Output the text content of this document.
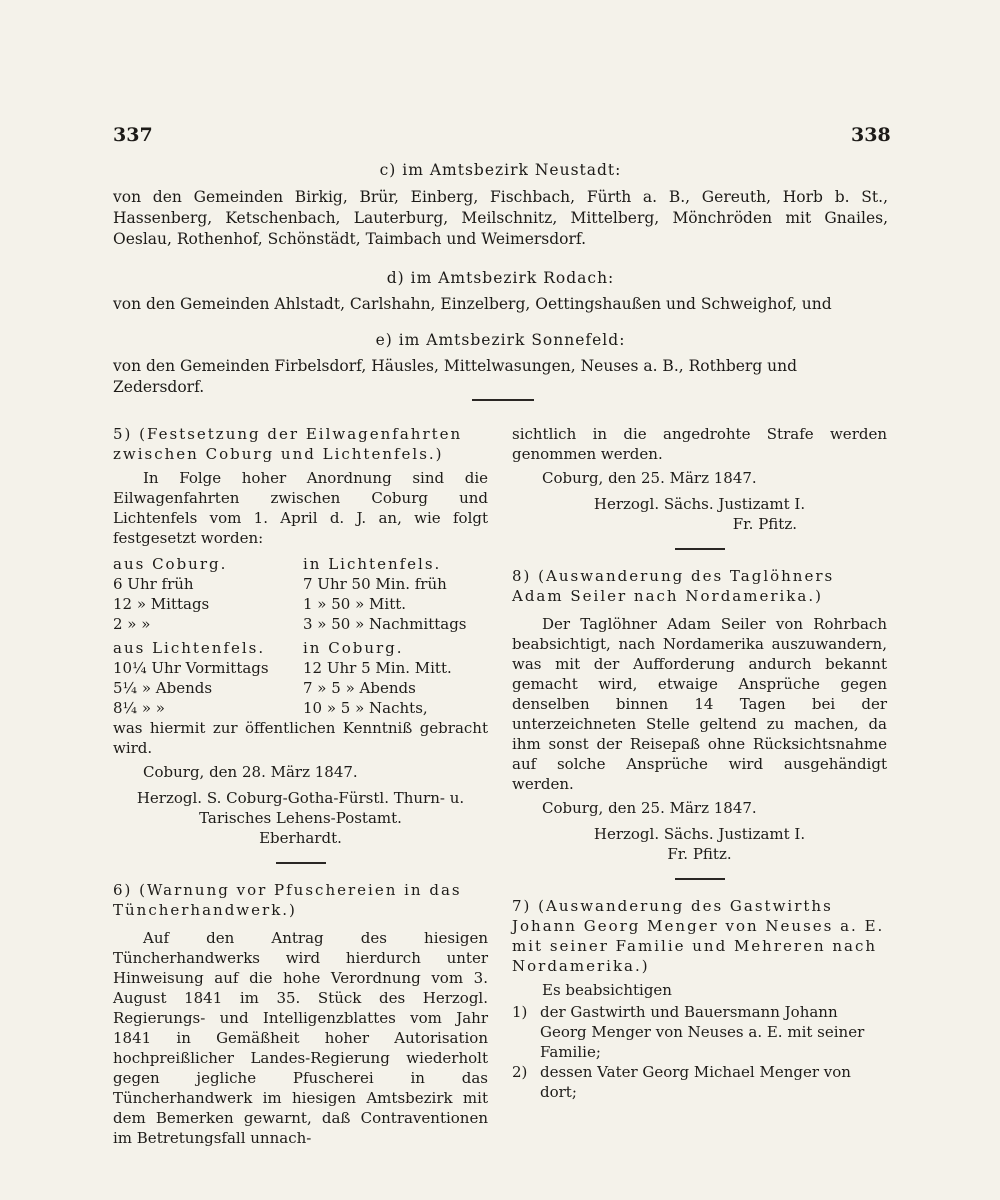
337	338
c) im Amtsbezirk Neustadt:
von den Gemeinden Birkig, Brür, Einberg, Fischbach, Fürth a. B., Gereuth, Horb b. St., Hassenberg, Ketschenbach, Lauterburg, Meilschnitz, Mittelberg, Mönchröden mit Gnailes, Oeslau, Rothenhof, Schönstädt, Taimbach und Weimersdorf.
d) im Amtsbezirk Rodach:
von den Gemeinden Ahlstadt, Carlshahn, Einzelberg, Oettingshaußen und Schweighof, und
e) im Amtsbezirk Sonnefeld:
von den Gemeinden Firbelsdorf, Häusles, Mittelwasungen, Neuses a. B., Rothberg und Zedersdorf.

5) (Festsetzung der Eilwagenfahrten zwischen Coburg und Lichtenfels.)

In Folge hoher Anordnung sind die Eilwagenfahrten zwischen Coburg und Lichtenfels vom 1. April d. J. an, wie folgt festgesetzt worden:

aus Coburg.	in Lichtenfels.
6 Uhr früh	7 Uhr 50 Min. früh
12 » Mittags	1 » 50 » Mitt.
2 » »	3 » 50 » Nachmittags
aus Lichtenfels.	in Coburg.
10¼ Uhr Vormittags	12 Uhr 5 Min. Mitt.
5¼ » Abends	7 » 5 » Abends
8¼ » »	10 » 5 » Nachts,

was hiermit zur öffentlichen Kenntniß gebracht wird.

Coburg, den 28. März 1847.

Herzogl. S. Coburg-Gotha-Fürstl. Thurn- u. Tarisches Lehens-Postamt.

Eberhardt.

6) (Warnung vor Pfuschereien in das Tüncherhandwerk.)

Auf den Antrag des hiesigen Tüncherhandwerks wird hierdurch unter Hinweisung auf die hohe Verordnung vom 3. August 1841 im 35. Stück des Herzogl. Regierungs- und Intelligenzblattes vom Jahr 1841 in Gemäßheit hoher Autorisation hochpreißlicher Landes-Regierung wiederholt gegen jegliche Pfuscherei in das Tüncherhandwerk im hiesigen Amtsbezirk mit dem Bemerken gewarnt, daß Contraventionen im Betretungsfall unnach-

sichtlich in die angedrohte Strafe werden genommen werden.

Coburg, den 25. März 1847.

Herzogl. Sächs. Justizamt I.

Fr. Pfitz.

8) (Auswanderung des Taglöhners Adam Seiler nach Nordamerika.)

Der Taglöhner Adam Seiler von Rohrbach beabsichtigt, nach Nordamerika auszuwandern, was mit der Aufforderung andurch bekannt gemacht wird, etwaige Ansprüche gegen denselben binnen 14 Tagen bei der unterzeichneten Stelle geltend zu machen, da ihm sonst der Reisepaß ohne Rücksichtsnahme auf solche Ansprüche wird ausgehändigt werden.

Coburg, den 25. März 1847.

Herzogl. Sächs. Justizamt I.

Fr. Pfitz.

7) (Auswanderung des Gastwirths Johann Georg Menger von Neuses a. E. mit seiner Familie und Mehreren nach Nordamerika.)

Es beabsichtigen

1) der Gastwirth und Bauersmann Johann Georg Menger von Neuses a. E. mit seiner Familie;
2) dessen Vater Georg Michael Menger von dort;
